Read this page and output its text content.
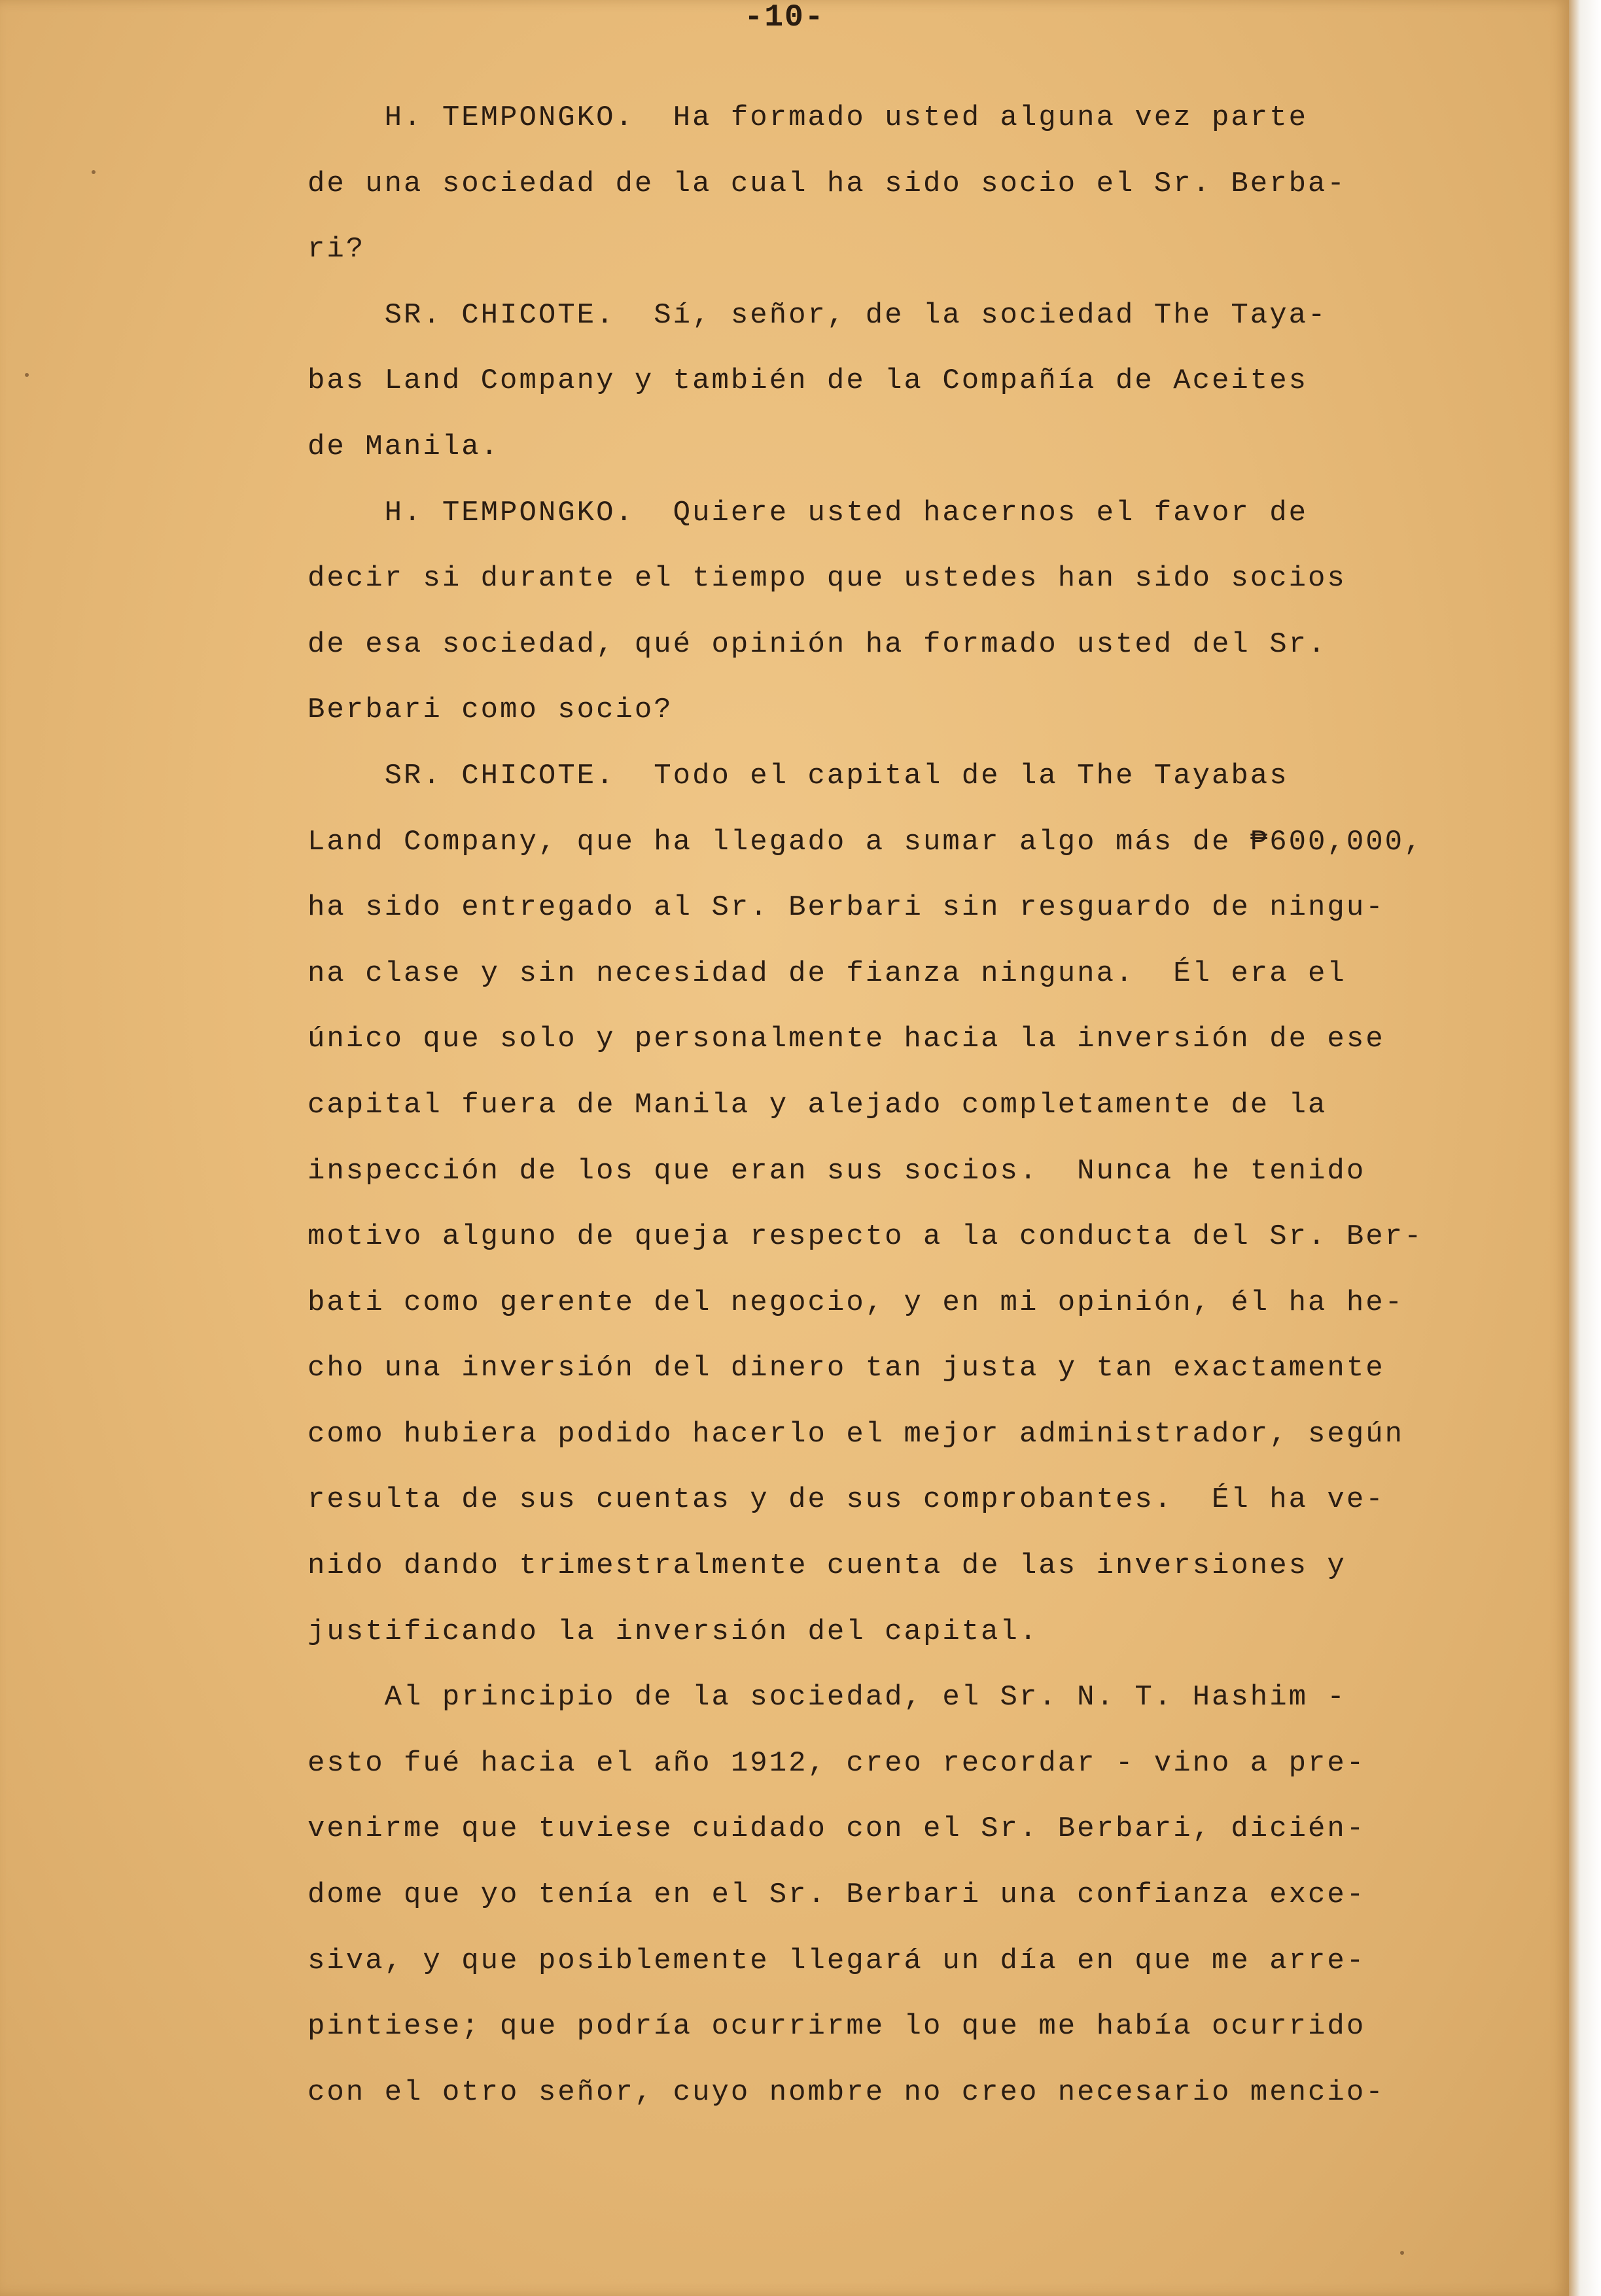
-10-
H. TEMPONGKO.  Ha formado usted alguna vez parte
de una sociedad de la cual ha sido socio el Sr. Berba-
ri?
SR. CHICOTE.  Sí, señor, de la sociedad The Taya-
bas Land Company y también de la Compañía de Aceites
de Manila.
H. TEMPONGKO.  Quiere usted hacernos el favor de
decir si durante el tiempo que ustedes han sido socios
de esa sociedad, qué opinión ha formado usted del Sr.
Berbari como socio?
SR. CHICOTE.  Todo el capital de la The Tayabas
Land Company, que ha llegado a sumar algo más de ₱600,000,
ha sido entregado al Sr. Berbari sin resguardo de ningu-
na clase y sin necesidad de fianza ninguna.  Él era el
único que solo y personalmente hacia la inversión de ese
capital fuera de Manila y alejado completamente de la
inspección de los que eran sus socios.  Nunca he tenido
motivo alguno de queja respecto a la conducta del Sr. Ber-
bati como gerente del negocio, y en mi opinión, él ha he-
cho una inversión del dinero tan justa y tan exactamente
como hubiera podido hacerlo el mejor administrador, según
resulta de sus cuentas y de sus comprobantes.  Él ha ve-
nido dando trimestralmente cuenta de las inversiones y
justificando la inversión del capital.
Al principio de la sociedad, el Sr. N. T. Hashim -
esto fué hacia el año 1912, creo recordar - vino a pre-
venirme que tuviese cuidado con el Sr. Berbari, dicién-
dome que yo tenía en el Sr. Berbari una confianza exce-
siva, y que posiblemente llegará un día en que me arre-
pintiese; que podría ocurrirme lo que me había ocurrido
con el otro señor, cuyo nombre no creo necesario mencio-
